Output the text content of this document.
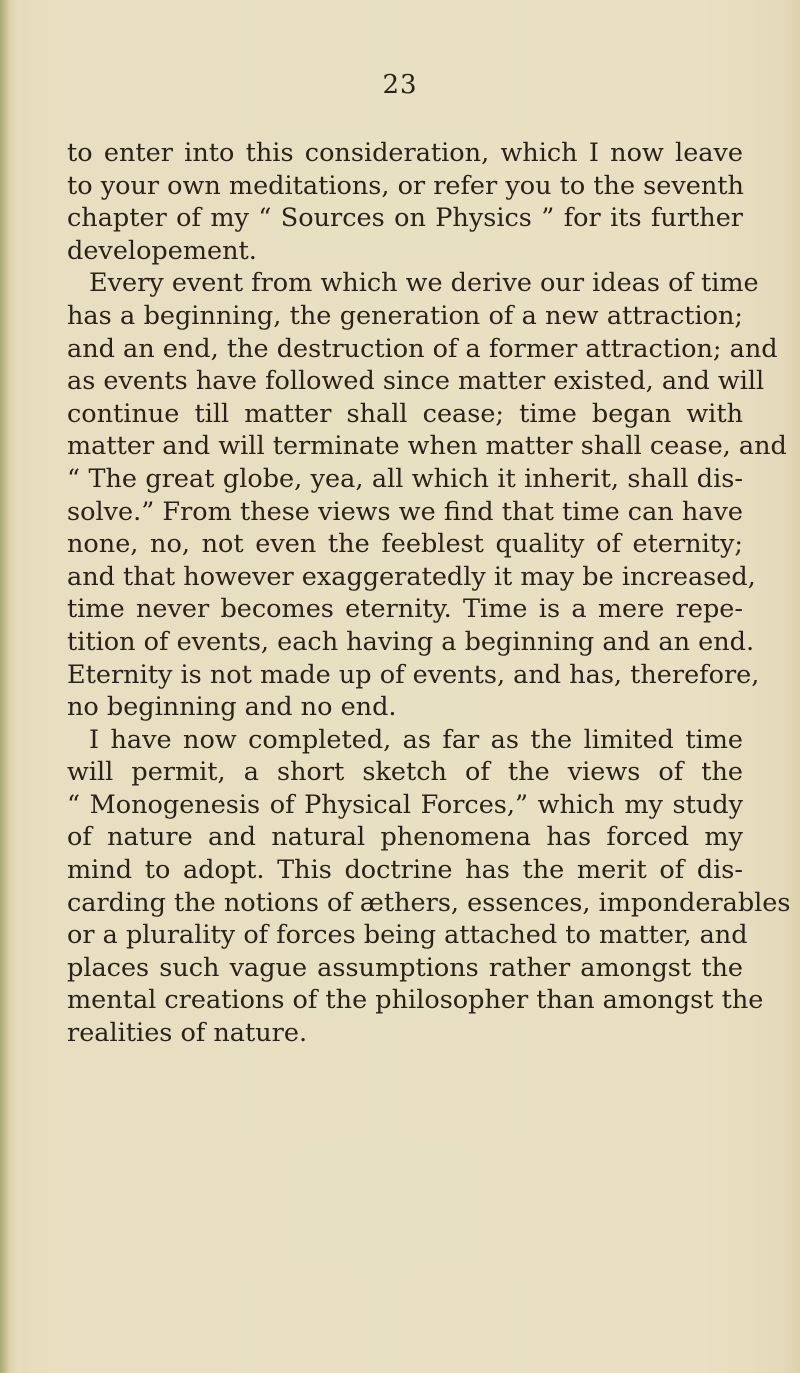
23
to enter into this consideration, which I now leave
to your own meditations, or refer you to the seventh
chapter of my “ Sources on Physics ” for its further
developement.
Every event from which we derive our ideas of time
has a beginning, the generation of a new attraction;
and an end, the destruction of a former attraction; and
as events have followed since matter existed, and will
continue till matter shall cease; time began with
matter and will terminate when matter shall cease, and
“ The great globe, yea, all which it inherit, shall dis-
solve.” From these views we find that time can have
none, no, not even the feeblest quality of eternity;
and that however exaggeratedly it may be increased,
time never becomes eternity. Time is a mere repe-
tition of events, each having a beginning and an end.
Eternity is not made up of events, and has, therefore,
no beginning and no end.
I have now completed, as far as the limited time
will permit, a short sketch of the views of the
“ Monogenesis of Physical Forces,” which my study
of nature and natural phenomena has forced my
mind to adopt. This doctrine has the merit of dis-
carding the notions of æthers, essences, imponderables
or a plurality of forces being attached to matter, and
places such vague assumptions rather amongst the
mental creations of the philosopher than amongst the
realities of nature.
